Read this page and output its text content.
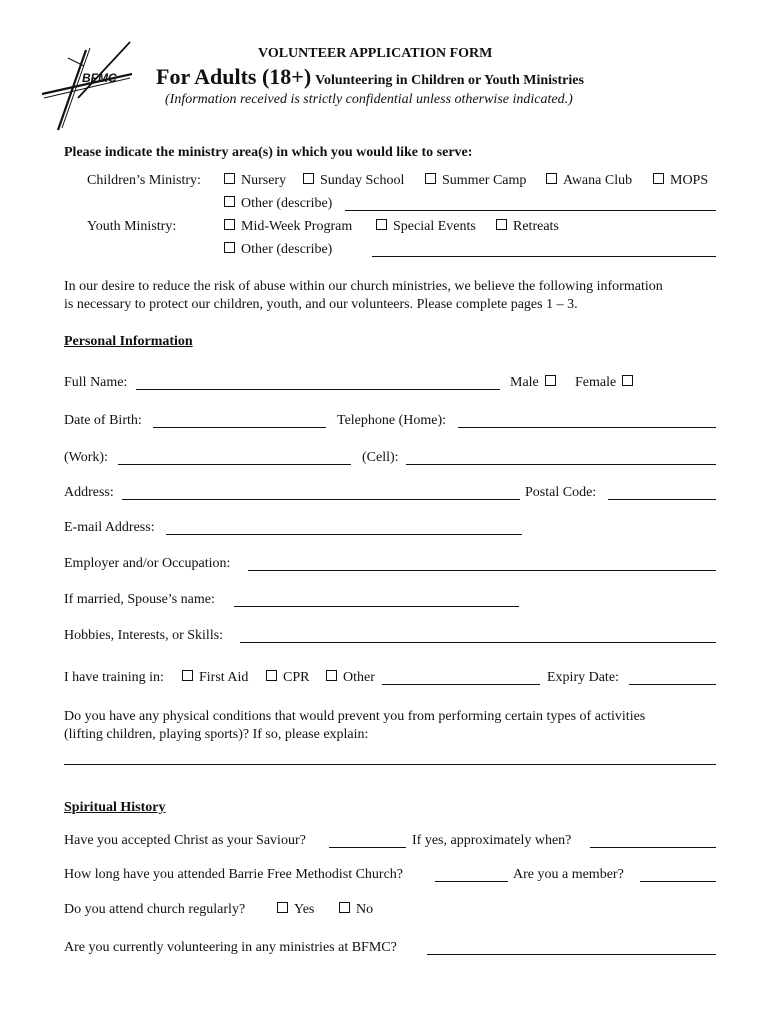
BFMC
VOLUNTEER APPLICATION FORM
For Adults (18+) Volunteering in Children or Youth Ministries
(Information received is strictly confidential unless otherwise indicated.)
Please indicate the ministry area(s) in which you would like to serve:
Children’s Ministry:	Nursery	Sunday School	Summer Camp	Awana Club	MOPS
Other (describe)
Youth Ministry:	Mid-Week Program	Special Events	Retreats
Other (describe)
In our desire to reduce the risk of abuse within our church ministries, we believe the following information
is necessary to protect our children, youth, and our volunteers. Please complete pages 1 – 3.
Personal Information
Full Name:	Male	Female
Date of Birth:	Telephone (Home):
(Work):	(Cell):
Address:	Postal Code:
E-mail Address:
Employer and/or Occupation:
If married, Spouse’s name:
Hobbies, Interests, or Skills:
I have training in:	First Aid	CPR	Other	Expiry Date:
Do you have any physical conditions that would prevent you from performing certain types of activities
(lifting children, playing sports)? If so, please explain:
Spiritual History
Have you accepted Christ as your Saviour?	If yes, approximately when?
How long have you attended Barrie Free Methodist Church?	Are you a member?
Do you attend church regularly?	Yes	No
Are you currently volunteering in any ministries at BFMC?
